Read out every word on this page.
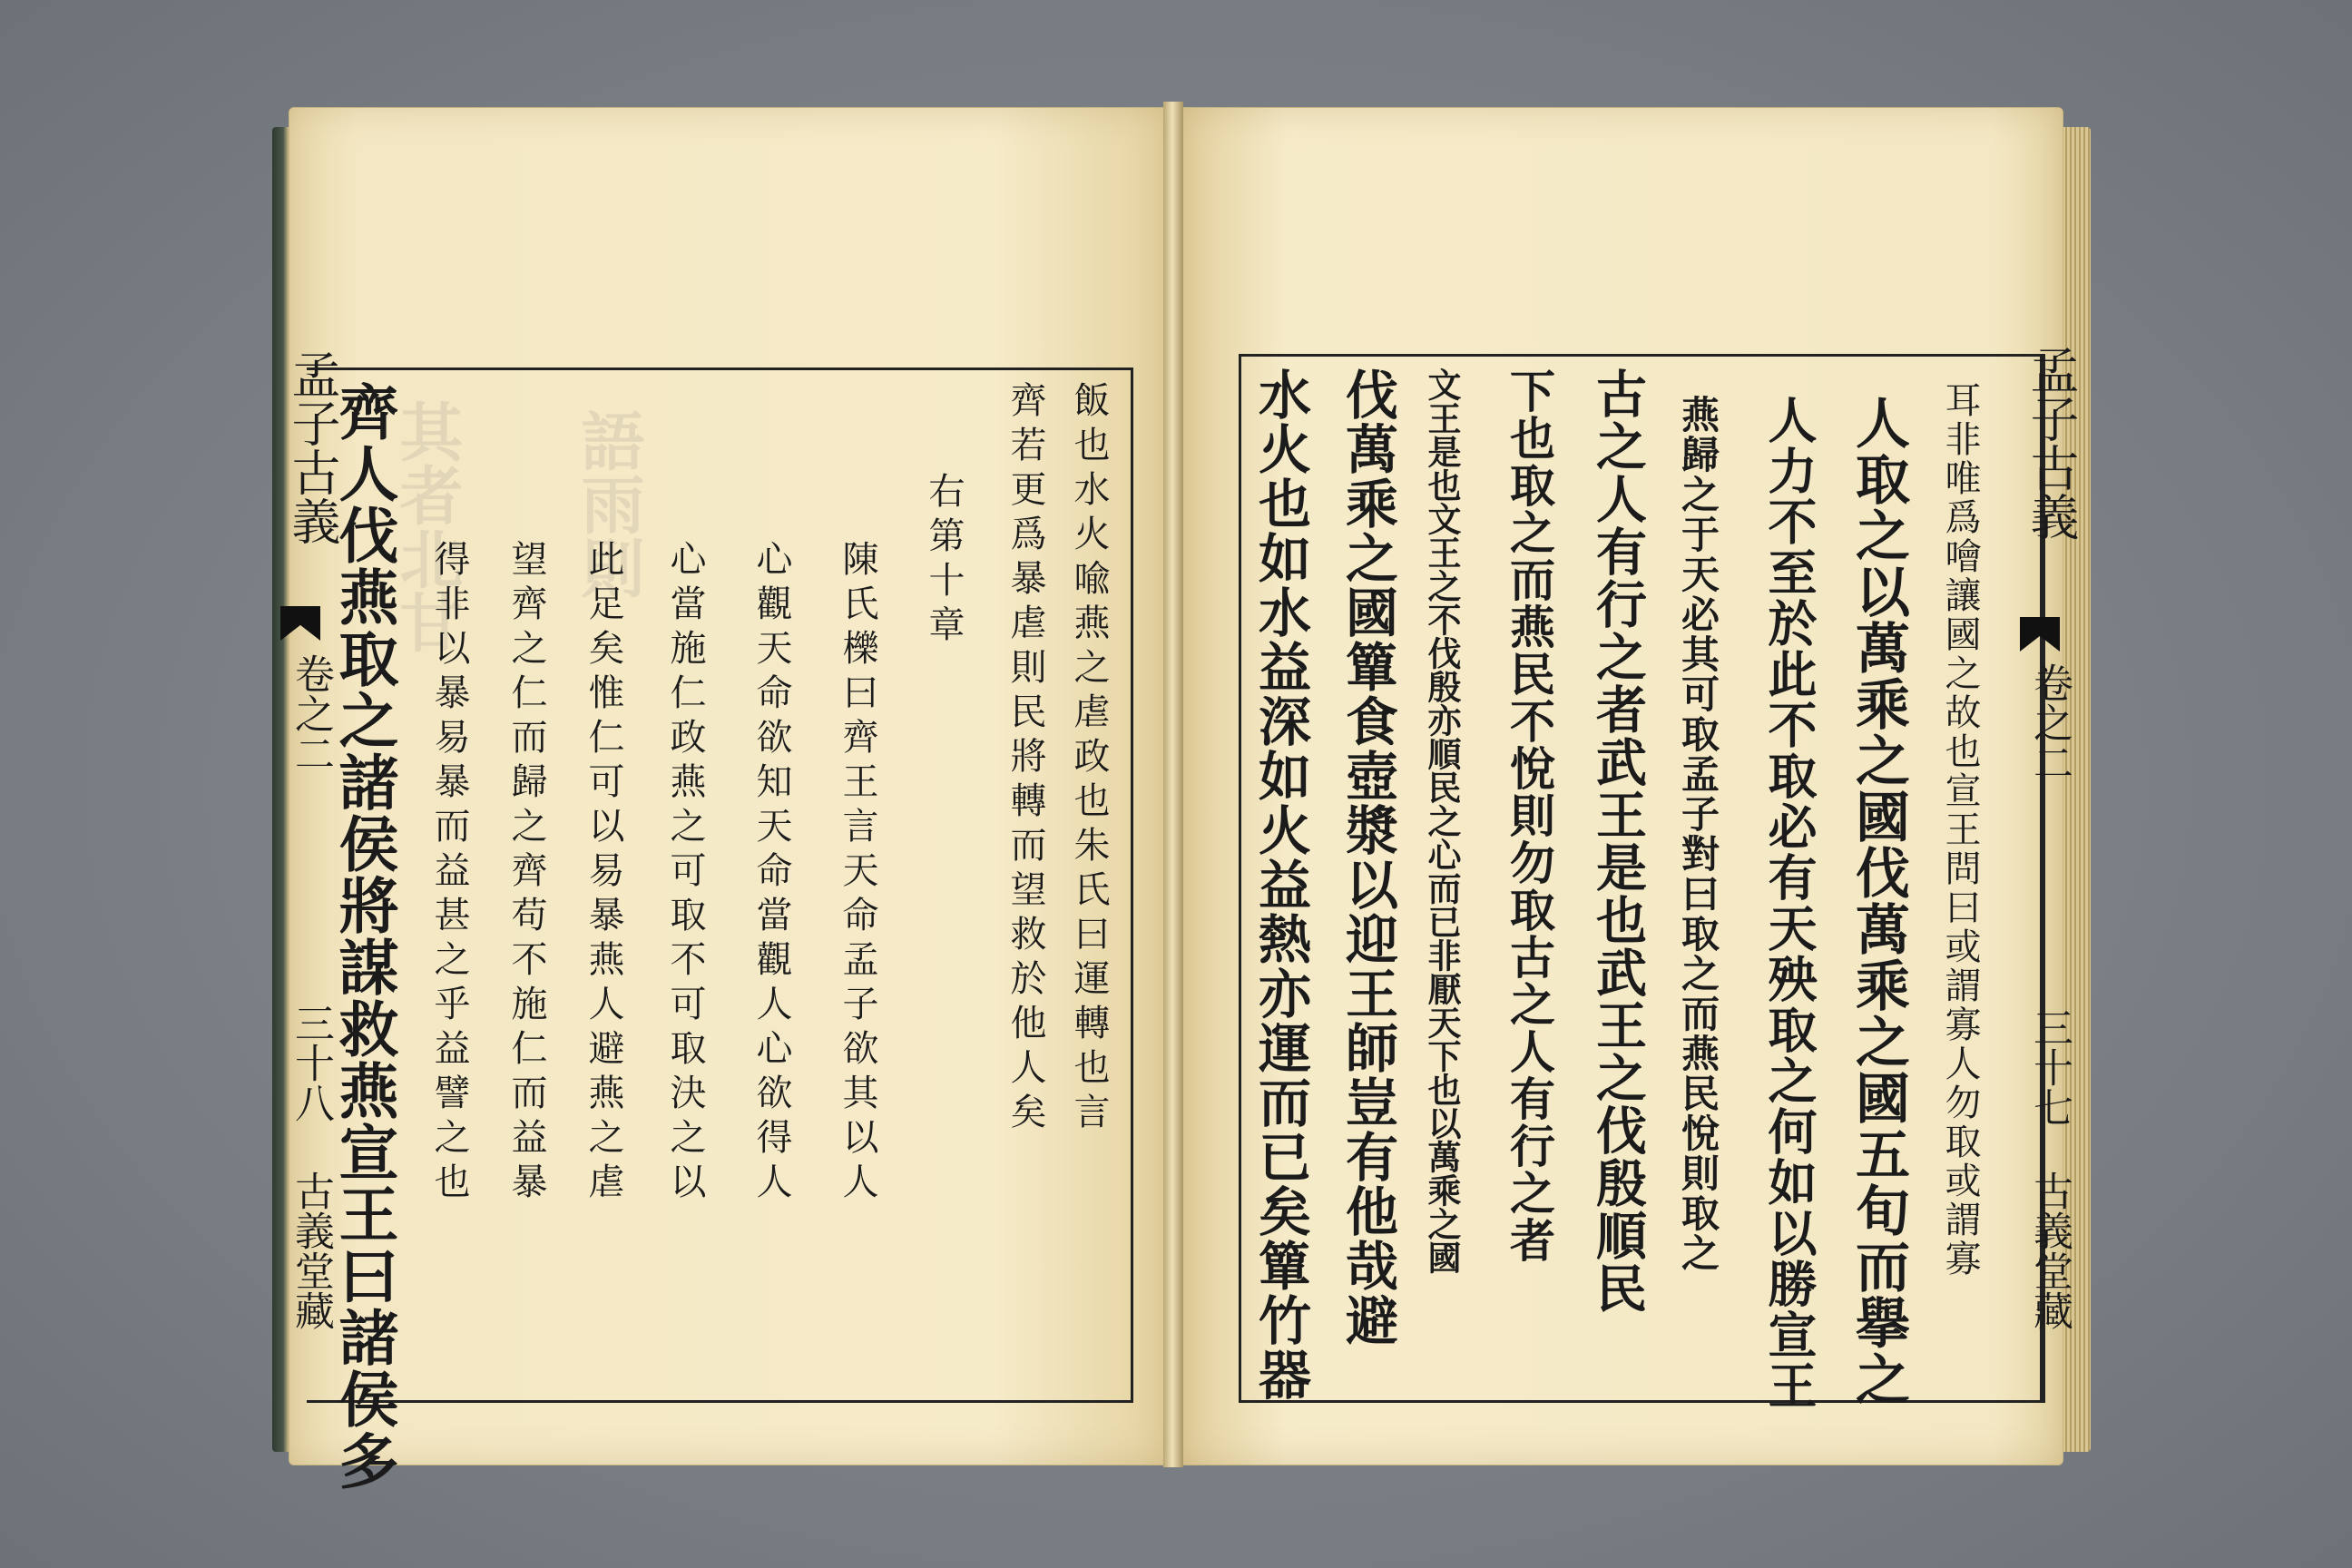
其者北甘 語雨則
孟子古義
卷之二
三十八
古義堂藏
齊人伐燕取之諸侯將謀救燕宣王曰諸侯多 得非以暴易暴而益甚之乎益譬之也 望齊之仁而歸之齊苟不施仁而益暴 此足矣惟仁可以易暴燕人避燕之虐 心當施仁政燕之可取不可取決之以 心觀天命欲知天命當觀人心欲得人 陳氏櫟曰齊王言天命孟子欲其以人 右第十章 齊若更爲暴虐則民將轉而望救於他人矣 飯也水火喩燕之虐政也朱氏曰運轉也言	孟子古義
卷之二
三十七
古義堂藏
耳非唯爲噲讓國之故也宣王問曰或謂寡人勿取或謂寡
人取之以萬乘之國伐萬乘之國五旬而擧之
人力不至於此不取必有天殃取之何如以勝宣王
燕歸之于天必其可取孟子對曰取之而燕民悅則取之
古之人有行之者武王是也武王之伐殷順民
下也取之而燕民不悅則勿取古之人有行之者
文王是也文王之不伐殷亦順民之心而已非厭天下也以萬乘之國
伐萬乘之國簞食壺漿以迎王師豈有他哉避
水火也如水益深如火益熱亦運而已矣簞竹器
